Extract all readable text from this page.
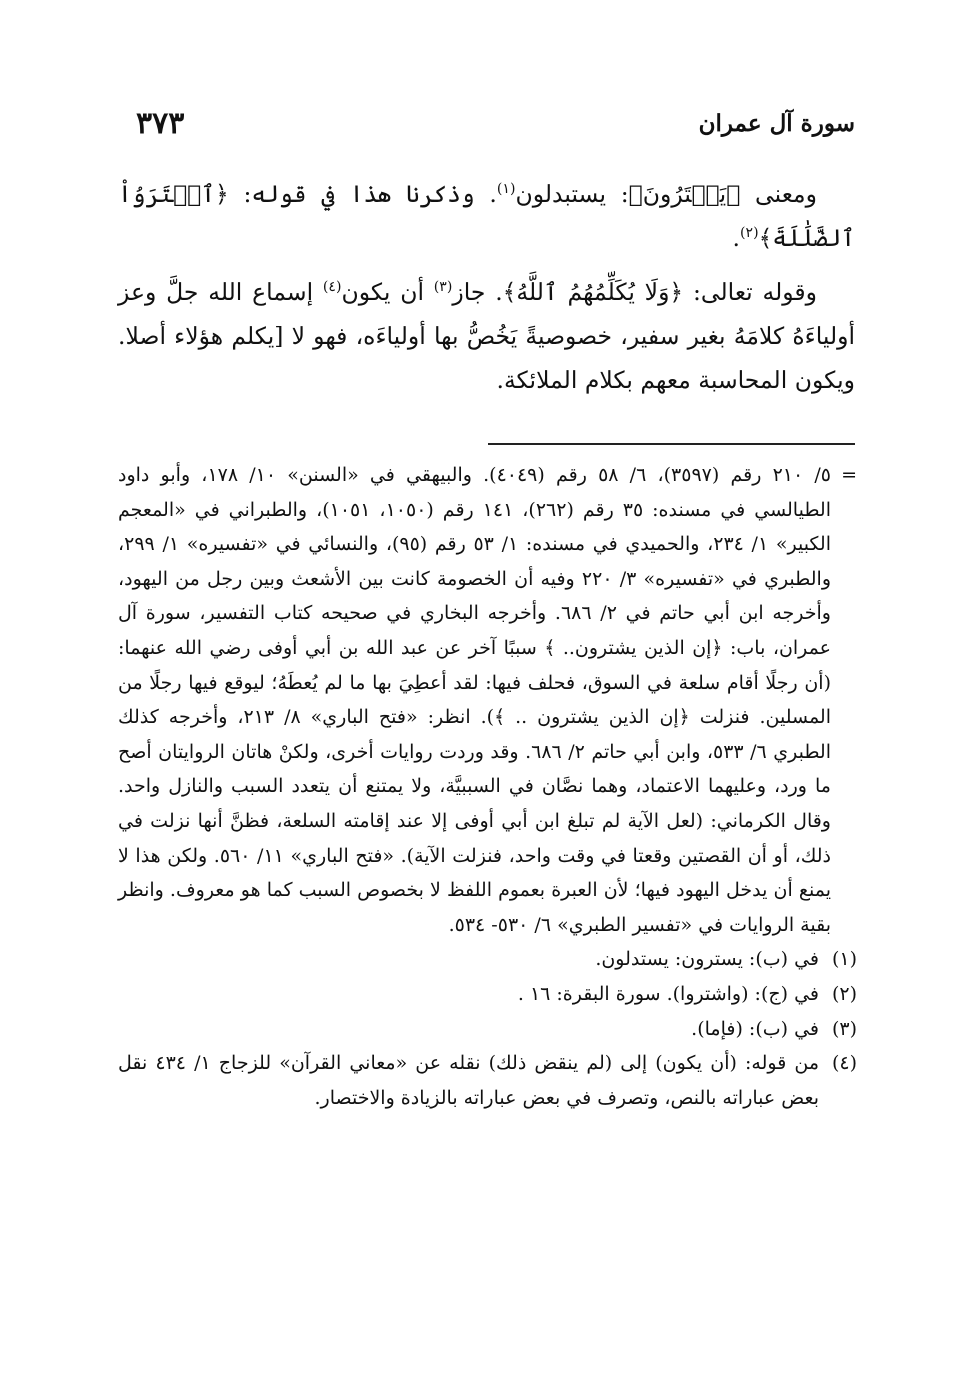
سورة آل عمران
٣٧٣

ومعنى ﴿يَشۡتَرُونَ﴾: يستبدلون$^{(١)}$. وذكرنا هذا في قوله: ﴿ٱشۡتَرَوُاْ ٱلضَّلَٰلَةَ﴾$^{(٢)}$.

وقوله تعالى: ﴿وَلَا يُكَلِّمُهُمُ ٱللَّهُ﴾. جاز$^{(٣)}$ أن يكون$^{(٤)}$ إسماع الله جلَّ وعز أولياءَهُ كلامَهُ بغير سفير، خصوصيةً يَخُصُّ بها أولياءَه، فهو لا [يكلم هؤلاء أصلا. ويكون المحاسبة معهم بكلام الملائكة.

=
٥/ ٢١٠ رقم (٣٥٩٧)، ٦/ ٥٨ رقم (٤٠٤٩). والبيهقي في «السنن» ١٠/ ١٧٨، وأبو داود الطيالسي في مسنده: ٣٥ رقم (٢٦٢)، ١٤١ رقم (١٠٥٠، ١٠٥١)، والطبراني في «المعجم الكبير» ١/ ٢٣٤، والحميدي في مسنده: ١/ ٥٣ رقم (٩٥)، والنسائي في «تفسيره» ١/ ٢٩٩، والطبري في «تفسيره» ٣/ ٢٢٠ وفيه أن الخصومة كانت بين الأشعث وبين رجل من اليهود، وأخرجه ابن أبي حاتم في ٢/ ٦٨٦. وأخرجه البخاري في صحيحه كتاب التفسير، سورة آل عمران، باب: ﴿إن الذين يشترون.. ﴾ سببًا آخر عن عبد الله بن أبي أوفى رضي الله عنهما: (أن رجلًا أقام سلعة في السوق، فحلف فيها: لقد أعطِيَ بها ما لم يُعطَهُ؛ ليوقع فيها رجلًا من المسلين. فنزلت ﴿إن الذين يشترون .. ﴾). انظر: «فتح الباري» ٨/ ٢١٣، وأخرجه كذلك الطبري ٦/ ٥٣٣، وابن أبي حاتم ٢/ ٦٨٦. وقد وردت روايات أخرى، ولكنْ هاتان الروايتان أصح ما ورد، وعليهما الاعتماد، وهما نصَّان في السببيَّة، ولا يمتنع أن يتعدد السبب والنازل واحد. وقال الكرماني: (لعل الآية لم تبلغ ابن أبي أوفى إلا عند إقامته السلعة، فظنَّ أنها نزلت في ذلك، أو أن القصتين وقعتا في وقت واحد، فنزلت الآية). «فتح الباري» ١١/ ٥٦٠. ولكن هذا لا يمنع أن يدخل اليهود فيها؛ لأن العبرة بعموم اللفظ لا بخصوص السبب كما هو معروف. وانظر بقية الروايات في «تفسير الطبري» ٦/ ٥٣٠- ٥٣٤.
(١)
في (ب): يسترون: يستدلون.
(٢)
في (ج): (واشتروا). سورة البقرة: ١٦ .
(٣)
في (ب): (فإما).
(٤)
من قوله: (أن يكون) إلى (لم ينقض ذلك) نقله عن «معاني القرآن» للزجاج ١/ ٤٣٤ نقل بعض عباراته بالنص، وتصرف في بعض عباراته بالزيادة والاختصار.
